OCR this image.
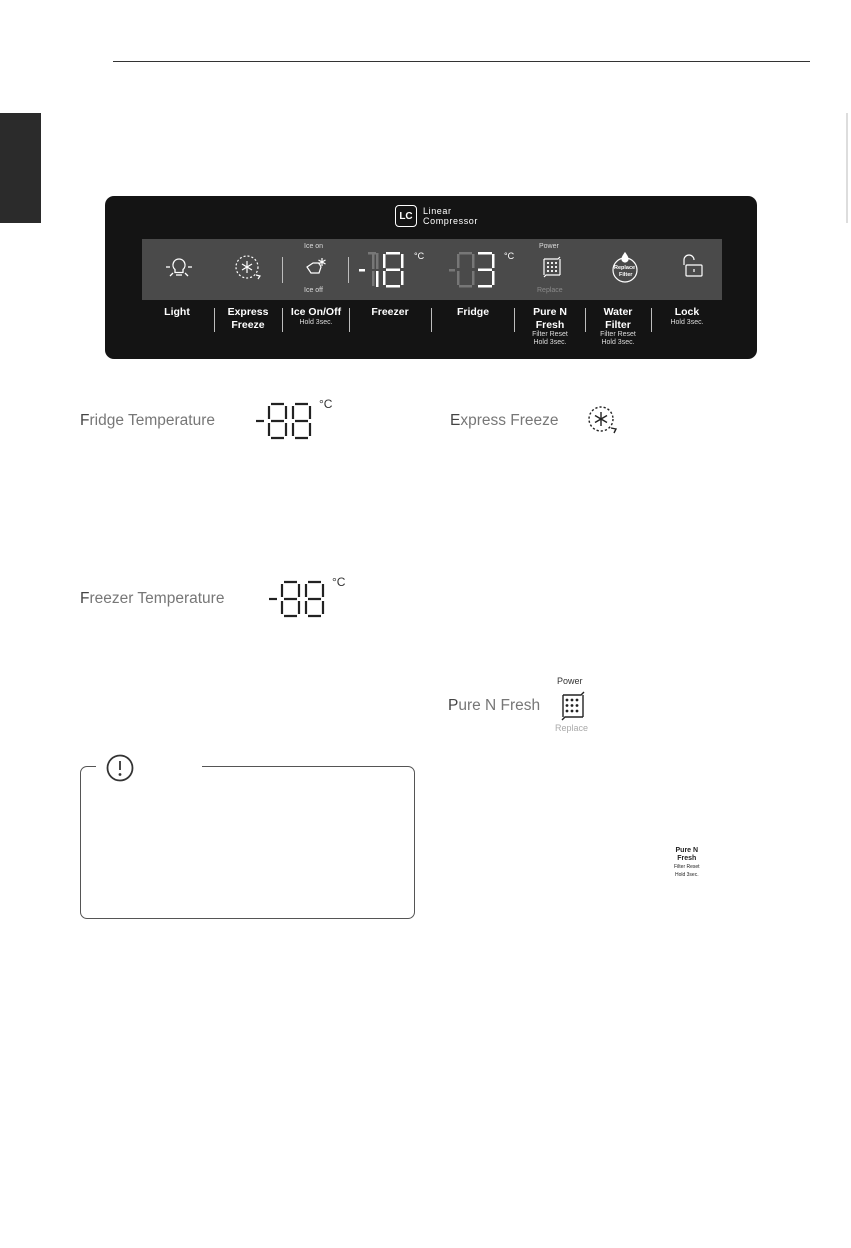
LC	Linear
Compressor
Ice on
Ice off
°C	°C
Power
Replace
Replace
Filter
Light	Express
Freeze
Ice On/Off
Hold 3sec.
Freezer	Fridge	Pure N
Fresh
Filter Reset
Hold 3sec.
Water
Filter
Filter Reset
Hold 3sec.
Lock
Hold 3sec.
Fridge Temperature
°C
Express Freeze
Freezer Temperature
°C
Pure N Fresh
Power
Replace
Pure N
Fresh
Filter Reset
Hold 3sec.
